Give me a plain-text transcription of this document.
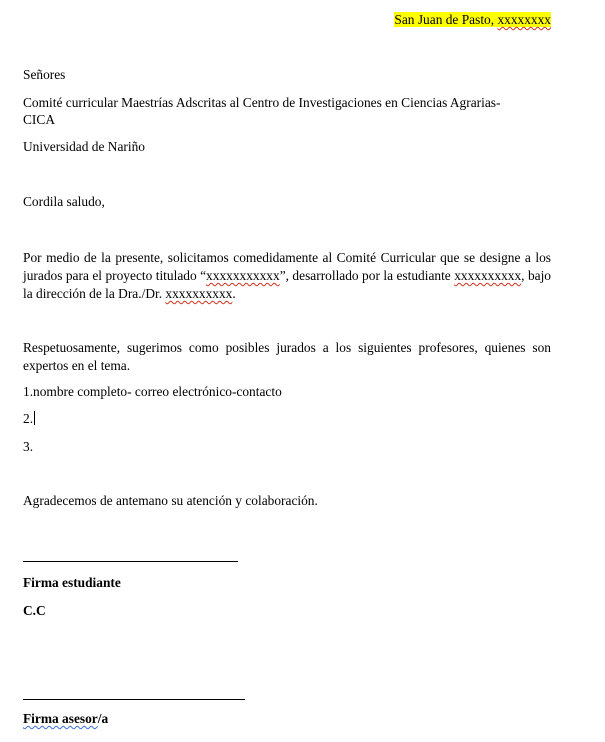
San Juan de Pasto, xxxxxxxx
Señores
Comité curricular Maestrías Adscritas al Centro de Investigaciones en Ciencias Agrarias-
CICA
Universidad de Nariño
Cordila saludo,
Por medio de la presente, solicitamos comedidamente al Comité Curricular que se designe a los jurados para el proyecto titulado “xxxxxxxxxxx”, desarrollado por la estudiante xxxxxxxxxx, bajo la dirección de la Dra./Dr. xxxxxxxxxx.
Respetuosamente, sugerimos como posibles jurados a los siguientes profesores, quienes son expertos en el tema.
1.nombre completo- correo electrónico-contacto
2.
3.
Agradecemos de antemano su atención y colaboración.
Firma estudiante
C.C
Firma asesor/a
